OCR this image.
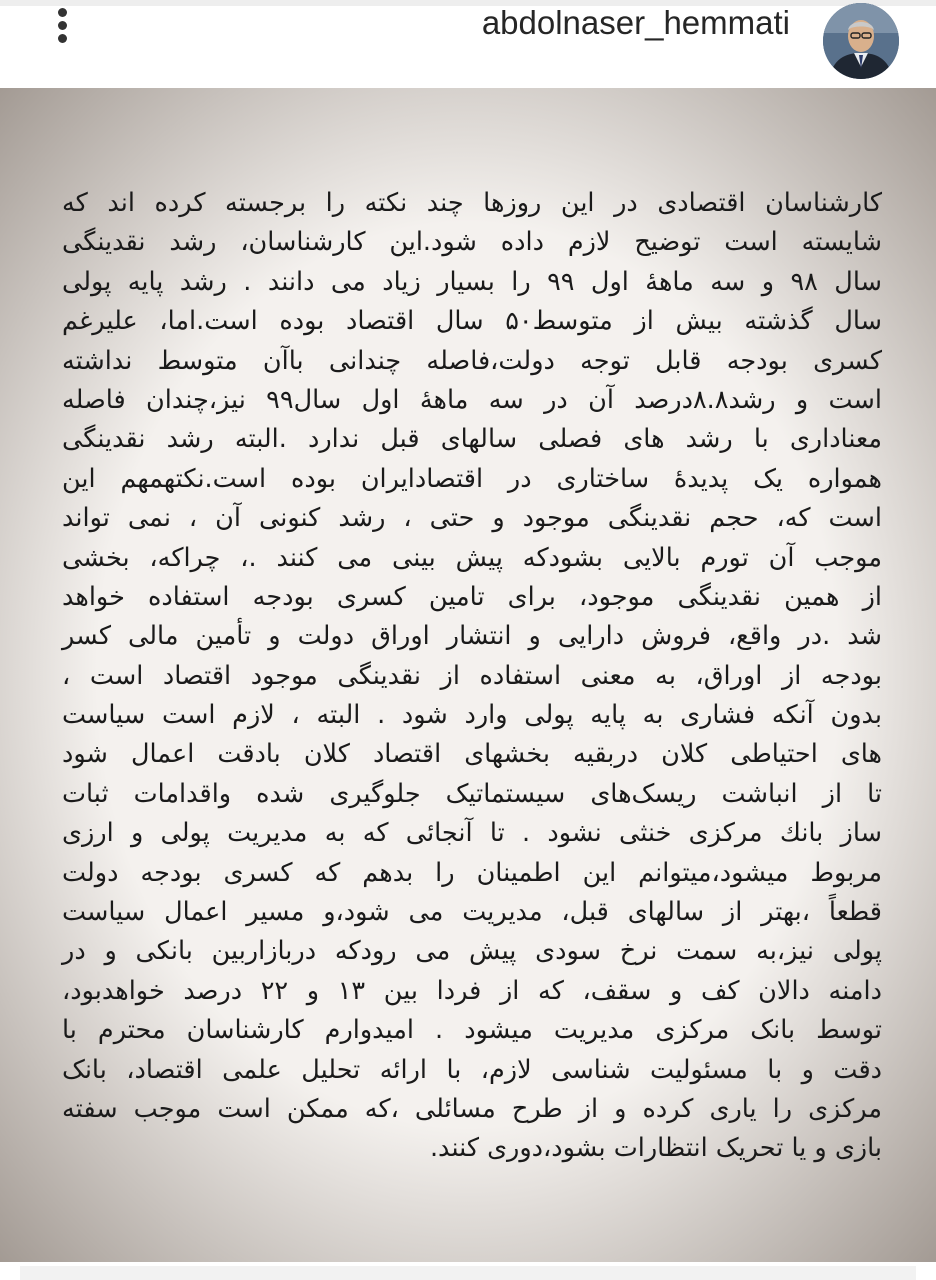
abdolnaser_hemmati
کارشناسان اقتصادی در این روزها چند نکته را برجسته کرده اند که
شایسته است توضیح لازم داده شود.این کارشناسان، رشد نقدینگی
سال ۹۸ و سه ماههٔ اول ۹۹ را بسیار زیاد می دانند . رشد پایه پولی
سال گذشته بیش از متوسط۵۰ سال اقتصاد بوده است.اما، علیرغم
کسری بودجه قابل توجه دولت،فاصله چندانی باآن متوسط نداشته
است و رشد۸.۸درصد آن در سه ماههٔ اول سال۹۹ نیز،چندان فاصله
معناداری با رشد های فصلی سالهای قبل ندارد .البته رشد نقدینگی
همواره یک پدیدهٔ ساختاری در اقتصادایران بوده است.نکتهمهم این
است که، حجم نقدینگی موجود و حتی ، رشد کنونی آن ، نمی تواند
موجب آن تورم بالایی بشودکه پیش بینی می کنند .، چراکه، بخشی
از همین نقدینگی موجود، برای تامین کسری بودجه استفاده خواهد
شد .در واقع، فروش دارایی و انتشار اوراق دولت و تأمین مالی کسر
بودجه از اوراق، به معنی استفاده از نقدینگی موجود اقتصاد است ،
بدون آنکه فشاری به پایه پولی وارد شود . البته ، لازم است سیاست
های احتیاطی کلان دربقیه بخشهای اقتصاد کلان بادقت اعمال شود
تا از انباشت ریسک‌های سیستماتیک جلوگیری شده واقدامات ثبات
ساز بانك مرکزی خنثی نشود . تا آنجائی که به مدیریت پولی و ارزی
مربوط میشود،میتوانم این اطمینان را بدهم که کسری بودجه دولت
قطعاً ،بهتر از سالهای قبل، مدیریت می شود،و مسیر اعمال سیاست
پولی نیز،به سمت نرخ سودی پیش می رودکه دربازاربین بانکی و در
دامنه دالان کف و سقف، که از فردا بین ۱۳ و ۲۲ درصد خواهدبود،
توسط بانک مرکزی مدیریت میشود . امیدوارم کارشناسان محترم با
دقت و با مسئولیت شناسی لازم، با ارائه تحلیل علمی اقتصاد، بانک
مرکزی را یاری کرده و از طرح مسائلی ،که ممکن است موجب سفته
بازی و یا تحریک انتظارات بشود،دوری کنند.
